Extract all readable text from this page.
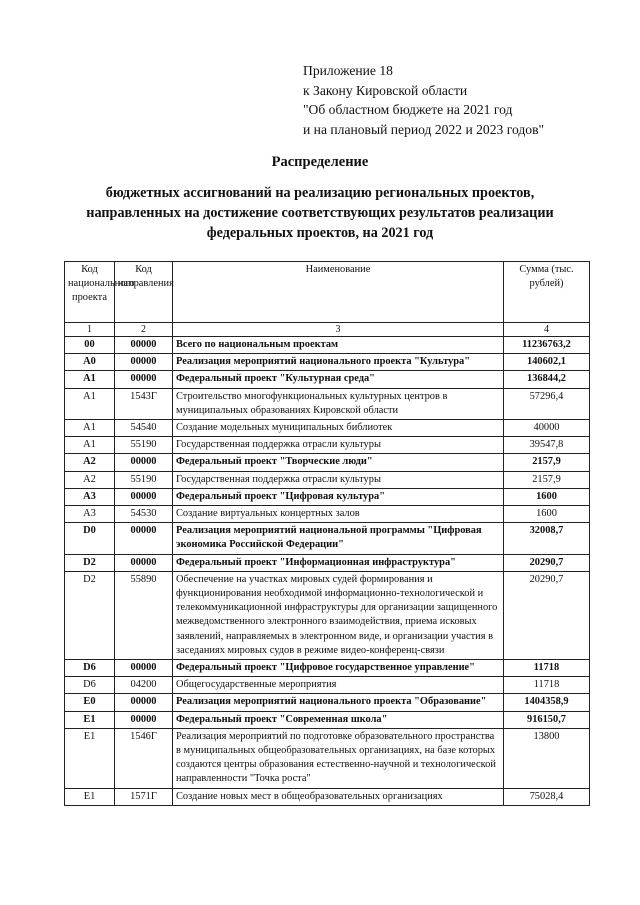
Приложение 18
к Закону Кировской области
"Об областном бюджете на 2021 год
и на плановый период 2022 и 2023 годов"
Распределение
бюджетных ассигнований на реализацию региональных проектов,
направленных на достижение соответствующих результатов реализации
федеральных проектов, на 2021 год
Код национального проекта	Код направления	Наименование	Сумма (тыс. рублей)
1	2	3	4
00	00000	Всего по национальным проектам	11236763,2
А0	00000	Реализация мероприятий национального проекта "Культура"	140602,1
А1	00000	Федеральный проект "Культурная среда"	136844,2
А1	1543Г	Строительство многофункциональных культурных центров в муниципальных образованиях Кировской области	57296,4
А1	54540	Создание модельных муниципальных библиотек	40000
А1	55190	Государственная поддержка отрасли культуры	39547,8
А2	00000	Федеральный проект "Творческие люди"	2157,9
А2	55190	Государственная поддержка отрасли культуры	2157,9
А3	00000	Федеральный проект "Цифровая культура"	1600
А3	54530	Создание виртуальных концертных залов	1600
D0	00000	Реализация мероприятий национальной программы "Цифровая экономика Российской Федерации"	32008,7
D2	00000	Федеральный проект "Информационная инфраструктура"	20290,7
D2	55890	Обеспечение на участках мировых судей формирования и функционирования необходимой информационно-технологической и телекоммуникационной инфраструктуры для организации защищенного межведомственного электронного взаимодействия, приема исковых заявлений, направляемых в электронном виде, и организации участия в заседаниях мировых судов в режиме видео-конференц-связи	20290,7
D6	00000	Федеральный проект "Цифровое государственное управление"	11718
D6	04200	Общегосударственные мероприятия	11718
Е0	00000	Реализация мероприятий национального проекта "Образование"	1404358,9
Е1	00000	Федеральный проект "Современная школа"	916150,7
Е1	1546Г	Реализация мероприятий по подготовке образовательного пространства в муниципальных общеобразовательных организациях, на базе которых создаются центры образования естественно-научной и технологической направленности "Точка роста"	13800
Е1	1571Г	Создание новых мест в общеобразовательных организациях	75028,4
